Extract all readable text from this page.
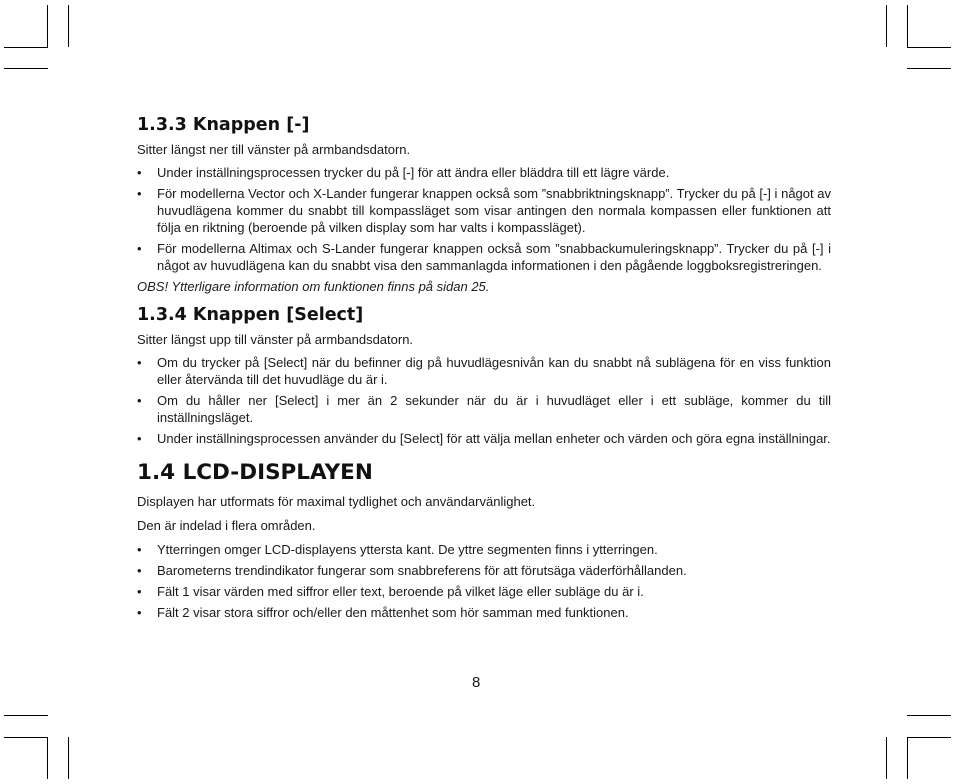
1.3.3 Knappen [-]

Sitter längst ner till vänster på armbandsdatorn.

• Under inställningsprocessen trycker du på [-] för att ändra eller bläddra till ett lägre värde.
• För modellerna Vector och X-Lander fungerar knappen också som ”snabbriktningsknapp”. Trycker du på [-] i något av huvudlägena kommer du snabbt till kompassläget som visar antingen den normala kompassen eller funktionen att följa en riktning (beroende på vilken display som har valts i kompassläget).
• För modellerna Altimax och S-Lander fungerar knappen också som ”snabbackumuleringsknapp”. Trycker du på [-] i något av huvudlägena kan du snabbt visa den sammanlagda informationen i den pågående loggboksregistreringen.

OBS! Ytterligare information om funktionen finns på sidan 25.

1.3.4 Knappen [Select]

Sitter längst upp till vänster på armbandsdatorn.

• Om du trycker på [Select] när du befinner dig på huvudlägesnivån kan du snabbt nå sublägena för en viss funktion eller återvända till det huvudläge du är i.
• Om du håller ner [Select] i mer än 2 sekunder när du är i huvudläget eller i ett subläge, kommer du till inställningsläget.
• Under inställningsprocessen använder du [Select] för att välja mellan enheter och värden och göra egna inställningar.
1.4 LCD-DISPLAYEN

Displayen har utformats för maximal tydlighet och användarvänlighet.

Den är indelad i flera områden.

• Ytterringen omger LCD-displayens yttersta kant. De yttre segmenten finns i ytterringen.
• Barometerns trendindikator fungerar som snabbreferens för att förutsäga väderförhållanden.
• Fält 1 visar värden med siffror eller text, beroende på vilket läge eller subläge du är i.
• Fält 2 visar stora siffror och/eller den måttenhet som hör samman med funktionen.
8
